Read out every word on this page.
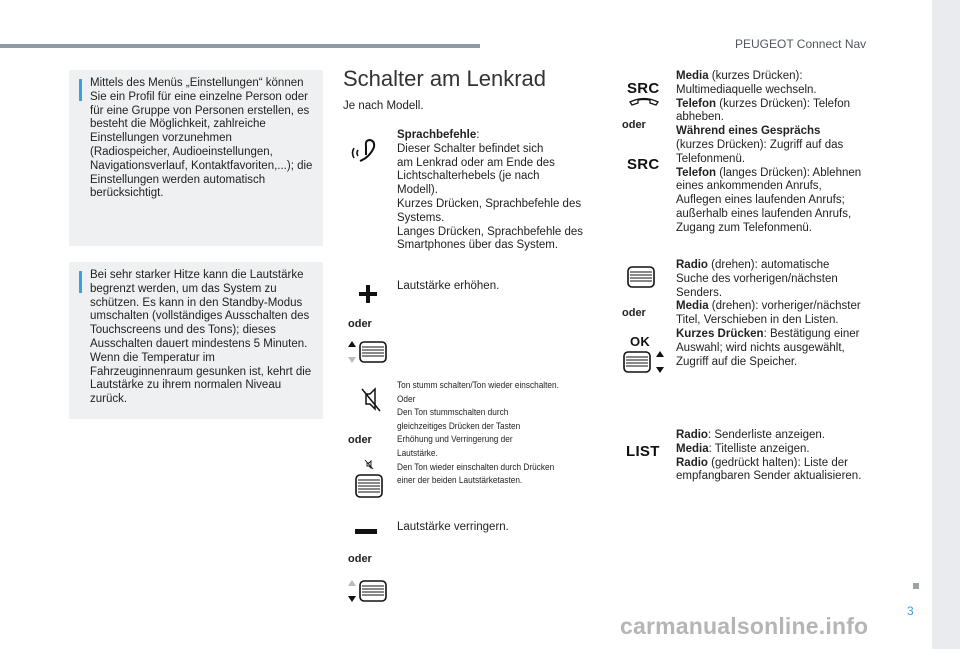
PEUGEOT Connect Nav
Mittels des Menüs „Einstellungen“ können Sie ein Profil für eine einzelne Person oder für eine Gruppe von Personen erstellen, es besteht die Möglichkeit, zahlreiche Einstellungen vorzunehmen (Radiospeicher, Audioeinstellungen, Navigationsverlauf, Kontaktfavoriten,...); die Einstellungen werden automatisch berücksichtigt.
Bei sehr starker Hitze kann die Lautstärke begrenzt werden, um das System zu schützen. Es kann in den Standby-Modus umschalten (vollständiges Ausschalten des Touchscreens und des Tons); dieses Ausschalten dauert mindestens 5 Minuten. Wenn die Temperatur im Fahrzeuginnenraum gesunken ist, kehrt die Lautstärke zu ihrem normalen Niveau zurück.
Schalter am Lenkrad
Je nach Modell.
Sprachbefehle:
Dieser Schalter befindet sich
am Lenkrad oder am Ende des
Lichtschalterhebels (je nach
Modell).
Kurzes Drücken, Sprachbefehle des
Systems.
Langes Drücken, Sprachbefehle des
Smartphones über das System.
oder
Lautstärke erhöhen.
oder
Ton stumm schalten/Ton wieder einschalten.
Oder
Den Ton stummschalten durch
gleichzeitiges Drücken der Tasten
Erhöhung und Verringerung der
Lautstärke.
Den Ton wieder einschalten durch Drücken
einer der beiden Lautstärketasten.
oder
Lautstärke verringern.
SRC
oder
SRC
Media (kurzes Drücken):
Multimediaquelle wechseln.
Telefon (kurzes Drücken): Telefon
abheben.
Während eines Gesprächs
(kurzes Drücken): Zugriff auf das
Telefonmenü.
Telefon (langes Drücken): Ablehnen
eines ankommenden Anrufs,
Auflegen eines laufenden Anrufs;
außerhalb eines laufenden Anrufs,
Zugang zum Telefonmenü.
oder
OK
Radio (drehen): automatische
Suche des vorherigen/nächsten
Senders.
Media (drehen): vorheriger/nächster
Titel, Verschieben in den Listen.
Kurzes Drücken: Bestätigung einer
Auswahl; wird nichts ausgewählt,
Zugriff auf die Speicher.
LIST
Radio: Senderliste anzeigen.
Media: Titelliste anzeigen.
Radio (gedrückt halten): Liste der
empfangbaren Sender aktualisieren.
3
carmanualsonline.info
